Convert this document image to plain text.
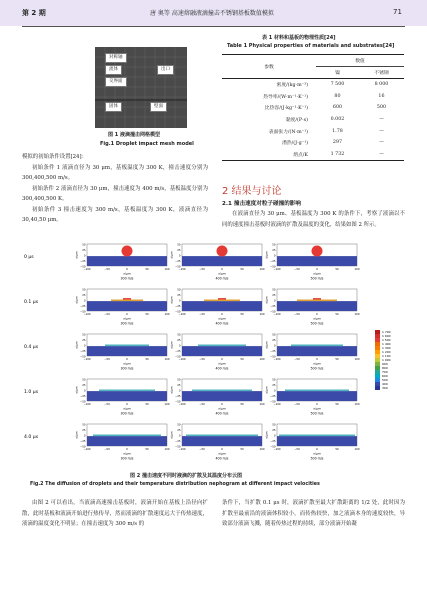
第 2 期	唐 奥等 高速熔融液滴撞击不锈钢基板数值模拟	71
对称轴
流体	出口
交界面
固体	壁面
图 1 液滴撞击网格模型
Fig.1 Droplet impact mesh model

模拟的初始条件设置[24]：

初始条件 1 液滴直径为 30 μm，基板温度为 300 K，撞击速度分别为 300,400,500 m/s。

初始条件 2 液滴直径为 30 μm，撞击速度为 400 m/s，基板温度分别为 300,400,500 K。

初始条件 3 撞击速度为 300 m/s，基板温度为 300 K，液滴直径为 30,40,50 μm。

表 1 材料和基板的物理性质[24]
Table 1 Physical properties of materials and substrates[24]
参数	数值	
	镍	不锈钢
密度/(kg·m⁻³)	7 500	8 000
热导率/(W·m⁻¹·K⁻¹)	80	16
比热容/(J·kg⁻¹·K⁻¹)	600	500
黏度/(P·s)	0.002	—
表面张力/(N·m⁻¹)	1.78	—
潜热/(J·g⁻¹)	297	—
熔点/K	1 732	—
2 结果与讨论
2.1 撞击速度对粒子碰撞的影响
在液滴直径为 30 μm、基板温度为 300 K 的条件下，考察了液滴以不同的速度撞击基板时液滴的扩散及温度的变化，结果如图 2 所示。
0 μs
50
25
0
−25
−50
y/μm
−100	−50	0	50	100
x/μm
300 m/s
50
25
0
−25
−50
y/μm
−100	−50	0	50	100
x/μm
400 m/s
50
25
0
−25
−50
y/μm
−100	−50	0	50	100
x/μm
500 m/s
0.1 μs
50
25
0
−25
−50
y/μm
−100	−50	0	50	100
x/μm
300 m/s
50
25
0
−25
−50
y/μm
−100	−50	0	50	100
x/μm
400 m/s
50
25
0
−25
−50
y/μm
−100	−50	0	50	100
x/μm
500 m/s
0.4 μs
50
25
0
−25
−50
y/μm
−100	−50	0	50	100
x/μm
300 m/s
50
25
0
−25
−50
y/μm
−100	−50	0	50	100
x/μm
400 m/s
50
25
0
−25
−50
y/μm
−100	−50	0	50	100
x/μm
500 m/s
1.0 μs
50
25
0
−25
−50
y/μm
−100	−50	0	50	100
x/μm
300 m/s
50
25
0
−25
−50
y/μm
−100	−50	0	50	100
x/μm
400 m/s
50
25
0
−25
−50
y/μm
−100	−50	0	50	100
x/μm
500 m/s
4.0 μs
50
25
0
−25
−50
y/μm
−100	−50	0	50	100
x/μm
300 m/s
50
25
0
−25
−50
y/μm
−100	−50	0	50	100
x/μm
400 m/s
50
25
0
−25
−50
y/μm
−100	−50	0	50	100
x/μm
500 m/s
1 700
1 600
1 500
1 400
1 300
1 200
1 100
1 000
900
800
700
600
500
400
300
图 2 撞击速度不同时液滴的扩散及其温度分布云图
Fig.2 The diffusion of droplets and their temperature distribution nephogram at different impact velocities
由图 2 可以看出，当液滴高速撞击基板时，液滴开始在基板上沿径向扩散，此时基板和液滴开始进行热传导，然而液滴的扩散速度远大于传热速度，液滴的温度变化不明显；在撞击速度为 300 m/s 的
条件下，当扩散 0.1 μs 时，液滴扩散至最大扩散距离的 1/2 处，此时因为扩散至最前沿的液滴体积较小，而传热较快，加之液滴本身的速度较快，导致部分液滴飞溅，随着传热过程的持续，部分液滴开始凝
